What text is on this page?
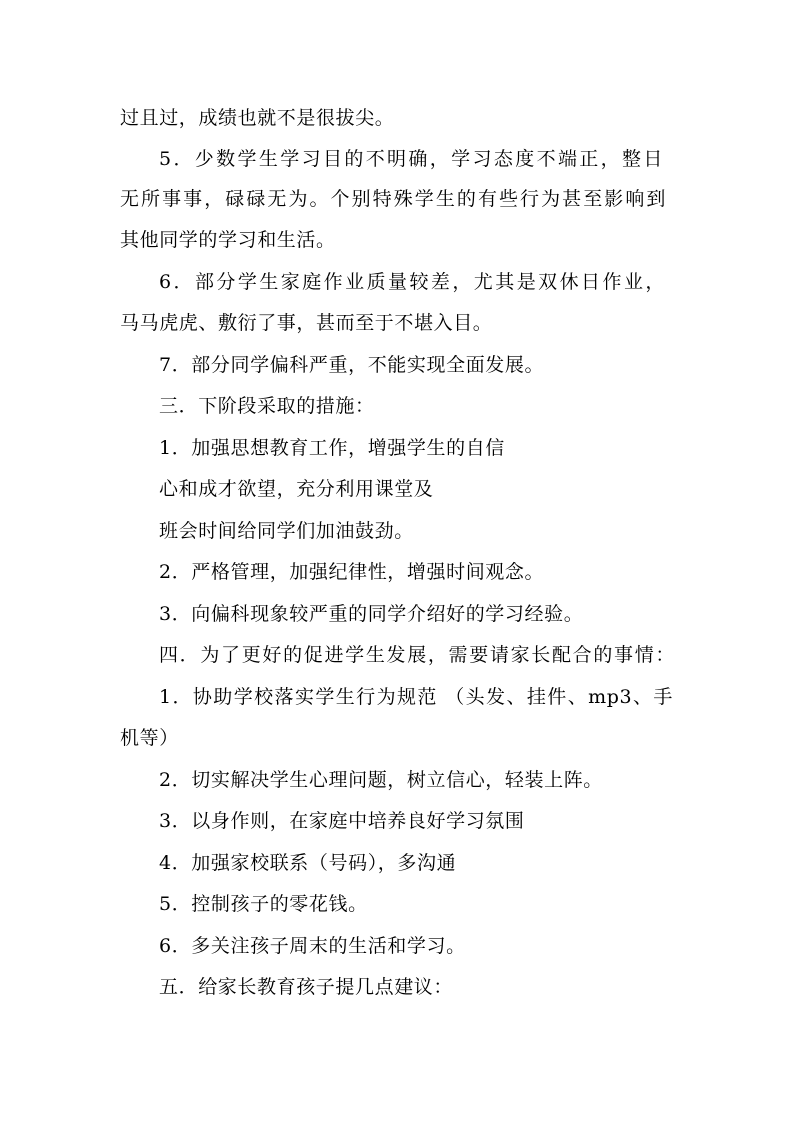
过且过，成绩也就不是很拔尖。
5．少数学生学习目的不明确，学习态度不端正，整日
无所事事，碌碌无为。个别特殊学生的有些行为甚至影响到
其他同学的学习和生活。
6．部分学生家庭作业质量较差，尤其是双休日作业，
马马虎虎、敷衍了事，甚而至于不堪入目。
7．部分同学偏科严重，不能实现全面发展。
三．下阶段采取的措施：
1．加强思想教育工作，增强学生的自信
心和成才欲望，充分利用课堂及
班会时间给同学们加油鼓劲。
2．严格管理，加强纪律性，增强时间观念。
3．向偏科现象较严重的同学介绍好的学习经验。
四．为了更好的促进学生发展，需要请家长配合的事情：
1．协助学校落实学生行为规范 （头发、挂件、mp3、手
机等）
2．切实解决学生心理问题，树立信心，轻装上阵。
3．以身作则，在家庭中培养良好学习氛围
4．加强家校联系（号码），多沟通
5．控制孩子的零花钱。
6．多关注孩子周末的生活和学习。
五．给家长教育孩子提几点建议：
